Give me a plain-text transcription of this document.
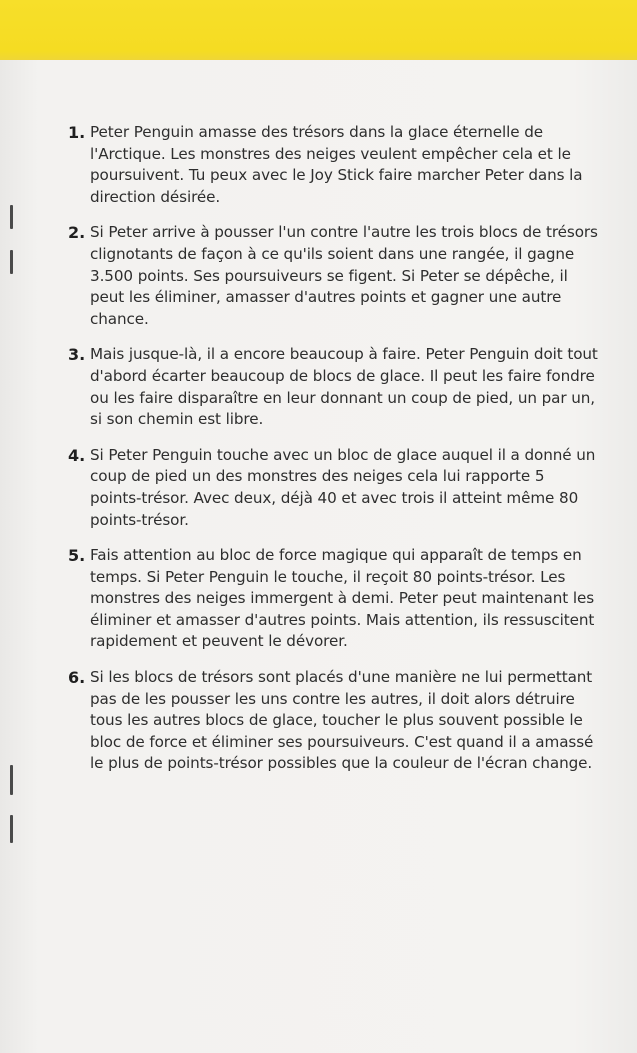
1. Peter Penguin amasse des trésors dans la glace éternelle de l'Arctique. Les monstres des neiges veulent empêcher cela et le poursuivent. Tu peux avec le Joy Stick faire marcher Peter dans la direction désirée.
2. Si Peter arrive à pousser l'un contre l'autre les trois blocs de trésors clignotants de façon à ce qu'ils soient dans une rangée, il gagne 3.500 points. Ses poursuiveurs se figent. Si Peter se dépêche, il peut les éliminer, amasser d'autres points et gagner une autre chance.
3. Mais jusque-là, il a encore beaucoup à faire. Peter Penguin doit tout d'abord écarter beaucoup de blocs de glace. Il peut les faire fondre ou les faire disparaître en leur donnant un coup de pied, un par un, si son chemin est libre.
4. Si Peter Penguin touche avec un bloc de glace auquel il a donné un coup de pied un des monstres des neiges cela lui rapporte 5 points-trésor. Avec deux, déjà 40 et avec trois il atteint même 80 points-trésor.
5. Fais attention au bloc de force magique qui apparaît de temps en temps. Si Peter Penguin le touche, il reçoit 80 points-trésor. Les monstres des neiges immergent à demi. Peter peut maintenant les éliminer et amasser d'autres points. Mais attention, ils ressuscitent rapidement et peuvent le dévorer.
6. Si les blocs de trésors sont placés d'une manière ne lui permettant pas de les pousser les uns contre les autres, il doit alors détruire tous les autres blocs de glace, toucher le plus souvent possible le bloc de force et éliminer ses poursuiveurs. C'est quand il a amassé le plus de points-trésor possibles que la couleur de l'écran change.
